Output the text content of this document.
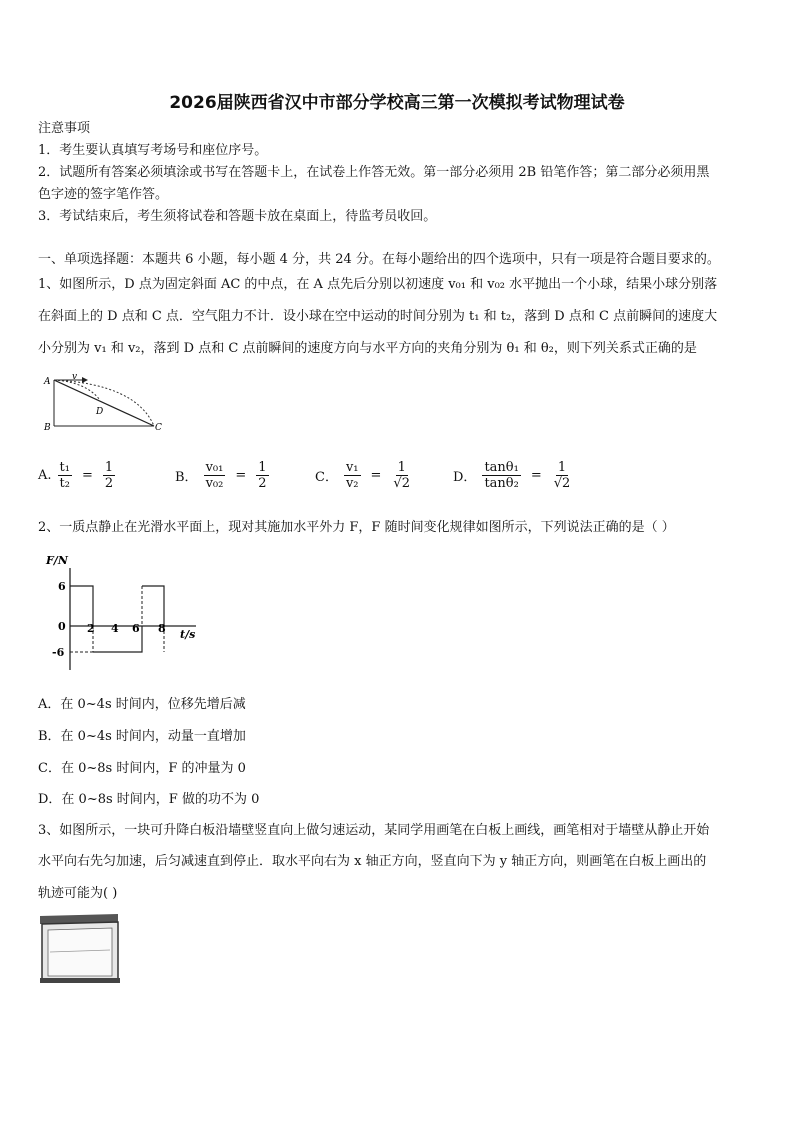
2026届陕西省汉中市部分学校高三第一次模拟考试物理试卷
注意事项
1．考生要认真填写考场号和座位序号。
2．试题所有答案必须填涂或书写在答题卡上，在试卷上作答无效。第一部分必须用 2B 铅笔作答；第二部分必须用黑
色字迹的签字笔作答。
3．考试结束后，考生须将试卷和答题卡放在桌面上，待监考员收回。
一、单项选择题：本题共 6 小题，每小题 4 分，共 24 分。在每小题给出的四个选项中，只有一项是符合题目要求的。
1、如图所示，D 点为固定斜面 AC 的中点，在 A 点先后分别以初速度 v₀₁ 和 v₀₂ 水平抛出一个小球，结果小球分别落
在斜面上的 D 点和 C 点．空气阻力不计．设小球在空中运动的时间分别为 t₁ 和 t₂，落到 D 点和 C 点前瞬间的速度大
小分别为 v₁ 和 v₂，落到 D 点和 C 点前瞬间的速度方向与水平方向的夹角分别为 θ₁ 和 θ₂，则下列关系式正确的是
A v
D
B	C
A. $\frac{\text{t₁}}{\text{t₂}} = \frac{1}{2}$	B． $\frac{\text{v₀₁}}{\text{v₀₂}} = \frac{1}{2}$	C． $\frac{\text{v₁}}{\text{v₂}} = \frac{1}{√2}$	D． $\frac{\text{tanθ₁}}{\text{tanθ₂}} = \frac{1}{√2}$
2、一质点静止在光滑水平面上，现对其施加水平外力 F，F 随时间变化规律如图所示，下列说法正确的是（ ）
F/N
6
0
-6
2 4 6 8 t/s
A．在 0~4s 时间内，位移先增后减
B．在 0~4s 时间内，动量一直增加
C．在 0~8s 时间内，F 的冲量为 0
D．在 0~8s 时间内，F 做的功不为 0
3、如图所示，一块可升降白板沿墙壁竖直向上做匀速运动，某同学用画笔在白板上画线，画笔相对于墙壁从静止开始
水平向右先匀加速，后匀减速直到停止．取水平向右为 x 轴正方向，竖直向下为 y 轴正方向，则画笔在白板上画出的
轨迹可能为( )
